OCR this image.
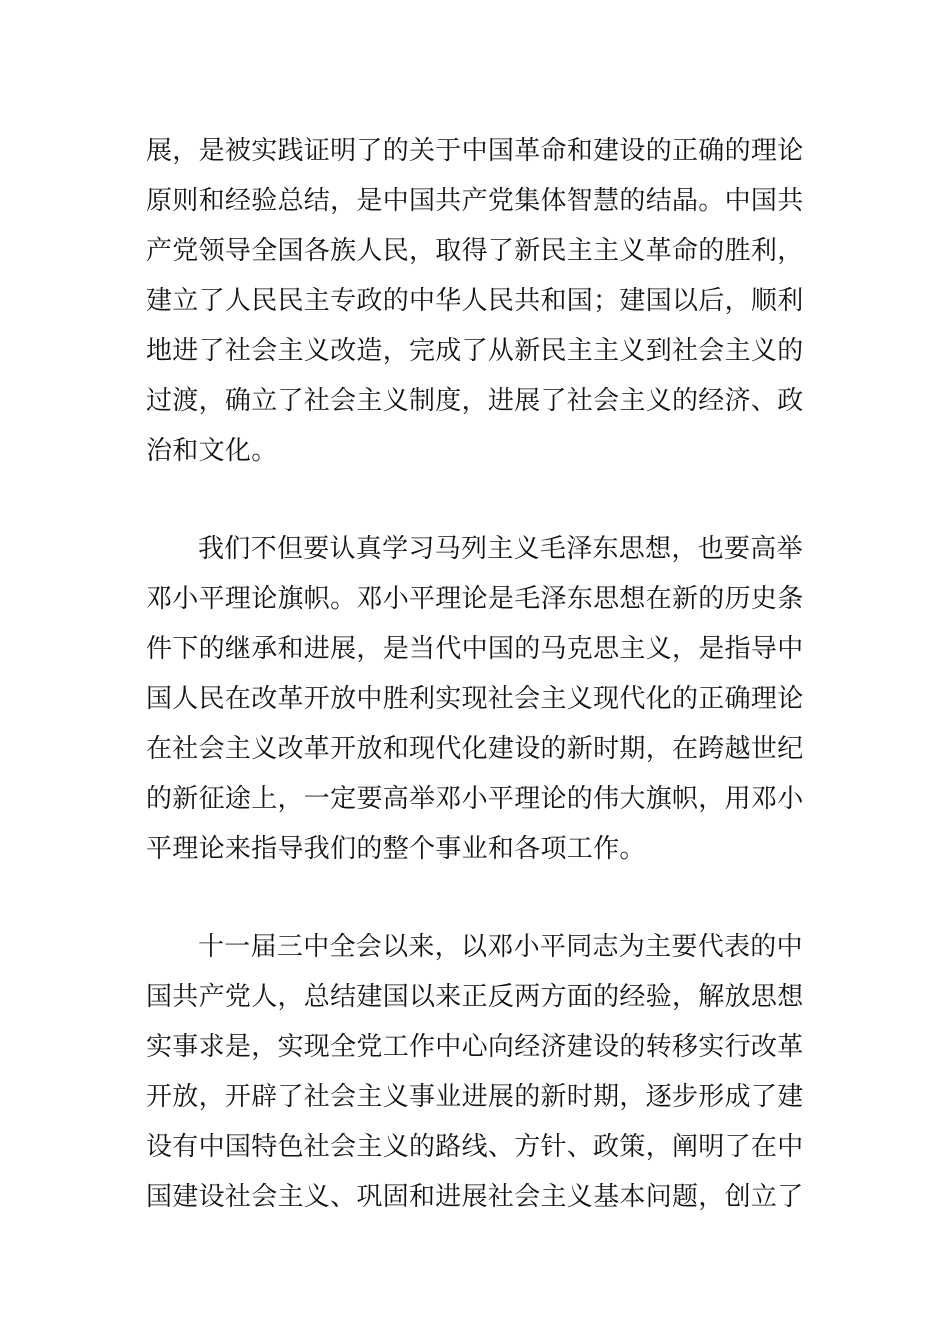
展，是被实践证明了的关于中国革命和建设的正确的理论
原则和经验总结，是中国共产党集体智慧的结晶。中国共
产党领导全国各族人民，取得了新民主主义革命的胜利，
建立了人民民主专政的中华人民共和国；建国以后，顺利
地进了社会主义改造，完成了从新民主主义到社会主义的
过渡，确立了社会主义制度，进展了社会主义的经济、政
治和文化。
我们不但要认真学习马列主义毛泽东思想，也要高举
邓小平理论旗帜。邓小平理论是毛泽东思想在新的历史条
件下的继承和进展，是当代中国的马克思主义，是指导中
国人民在改革开放中胜利实现社会主义现代化的正确理论
在社会主义改革开放和现代化建设的新时期，在跨越世纪
的新征途上，一定要高举邓小平理论的伟大旗帜，用邓小
平理论来指导我们的整个事业和各项工作。
十一届三中全会以来，以邓小平同志为主要代表的中
国共产党人，总结建国以来正反两方面的经验，解放思想
实事求是，实现全党工作中心向经济建设的转移实行改革
开放，开辟了社会主义事业进展的新时期，逐步形成了建
设有中国特色社会主义的路线、方针、政策，阐明了在中
国建设社会主义、巩固和进展社会主义基本问题，创立了
